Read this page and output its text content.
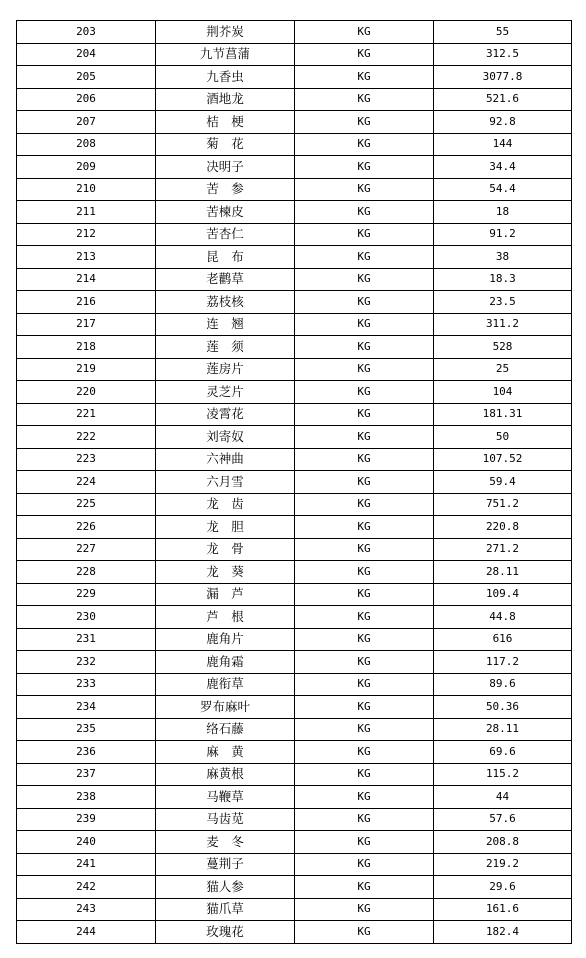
203	荆芥炭	KG	55
204	九节菖蒲	KG	312.5
205	九香虫	KG	3077.8
206	酒地龙	KG	521.6
207	桔　梗	KG	92.8
208	菊　花	KG	144
209	决明子	KG	34.4
210	苦　参	KG	54.4
211	苦楝皮	KG	18
212	苦杏仁	KG	91.2
213	昆　布	KG	38
214	老鹳草	KG	18.3
216	荔枝核	KG	23.5
217	连　翘	KG	311.2
218	莲　须	KG	528
219	莲房片	KG	25
220	灵芝片	KG	104
221	凌霄花	KG	181.31
222	刘寄奴	KG	50
223	六神曲	KG	107.52
224	六月雪	KG	59.4
225	龙　齿	KG	751.2
226	龙　胆	KG	220.8
227	龙　骨	KG	271.2
228	龙　葵	KG	28.11
229	漏　芦	KG	109.4
230	芦　根	KG	44.8
231	鹿角片	KG	616
232	鹿角霜	KG	117.2
233	鹿衔草	KG	89.6
234	罗布麻叶	KG	50.36
235	络石藤	KG	28.11
236	麻　黄	KG	69.6
237	麻黄根	KG	115.2
238	马鞭草	KG	44
239	马齿苋	KG	57.6
240	麦　冬	KG	208.8
241	蔓荆子	KG	219.2
242	猫人参	KG	29.6
243	猫爪草	KG	161.6
244	玫瑰花	KG	182.4
